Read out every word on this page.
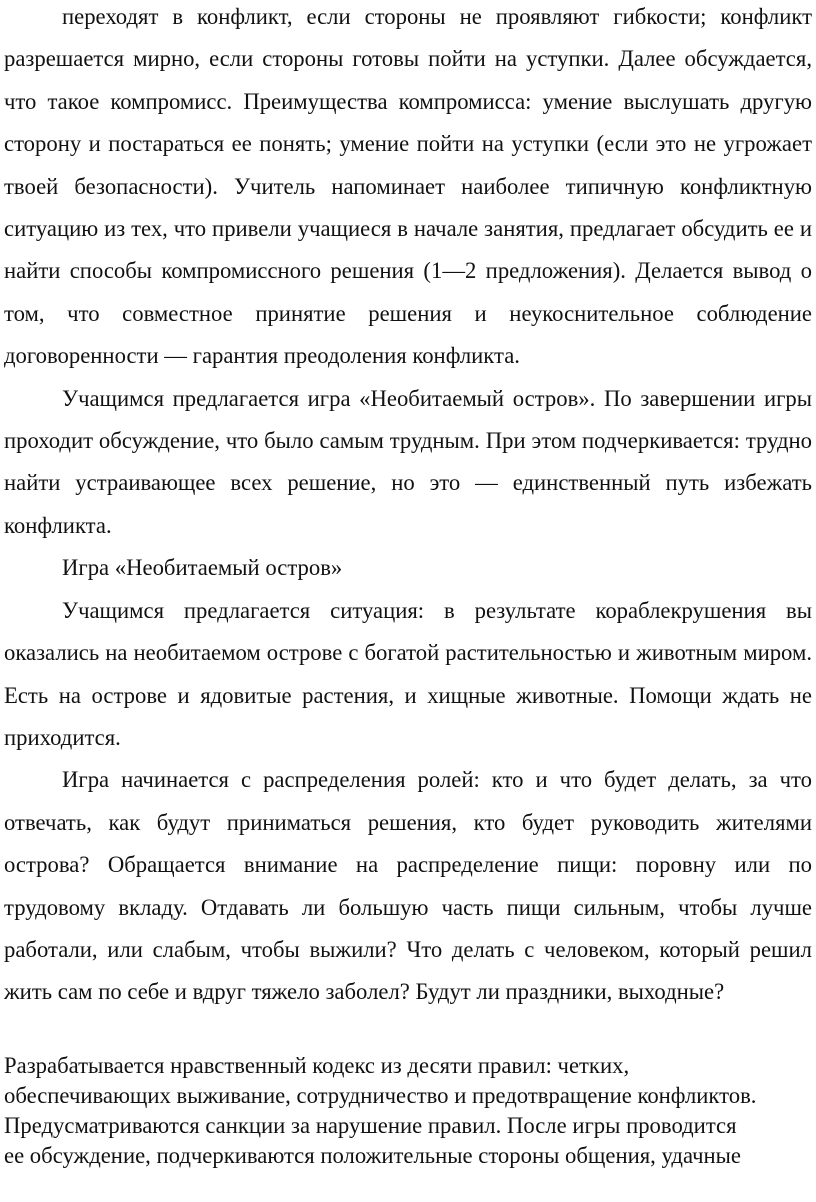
переходят в конфликт, если стороны не проявляют гибкости; конфликт разрешается мирно, если стороны готовы пойти на уступки. Далее обсуждается, что такое компромисс. Преимущества компромисса: умение выслушать другую сторону и постараться ее понять; умение пойти на уступки (если это не угрожает твоей безопасности). Учитель напоминает наиболее типичную конфликтную ситуацию из тех, что привели учащиеся в начале занятия, предлагает обсудить ее и найти способы компромиссного решения (1—2 предложения). Делается вывод о том, что совместное принятие решения и неукоснительное соблюдение договоренности — гарантия преодоления конфликта.

Учащимся предлагается игра «Необитаемый остров». По завершении игры проходит обсуждение, что было самым трудным. При этом подчеркивается: трудно найти устраивающее всех решение, но это — единственный путь избежать конфликта.

Игра «Необитаемый остров»

Учащимся предлагается ситуация: в результате кораблекрушения вы оказались на необитаемом острове с богатой растительностью и животным миром. Есть на острове и ядовитые растения, и хищные животные. Помощи ждать не приходится.

Игра начинается с распределения ролей: кто и что будет делать, за что отвечать, как будут приниматься решения, кто будет руководить жителями острова? Обращается внимание на распределение пищи: поровну или по трудовому вкладу. Отдавать ли большую часть пищи сильным, чтобы лучше работали, или слабым, чтобы выжили? Что делать с человеком, который решил жить сам по себе и вдруг тяжело заболел? Будут ли праздники, выходные?

Разрабатывается нравственный кодекс из десяти правил: четких,

обеспечивающих выживание, сотрудничество и предотвращение конфликтов.

Предусматриваются санкции за нарушение правил. После игры проводится

ее обсуждение, подчеркиваются положительные стороны общения, удачные
